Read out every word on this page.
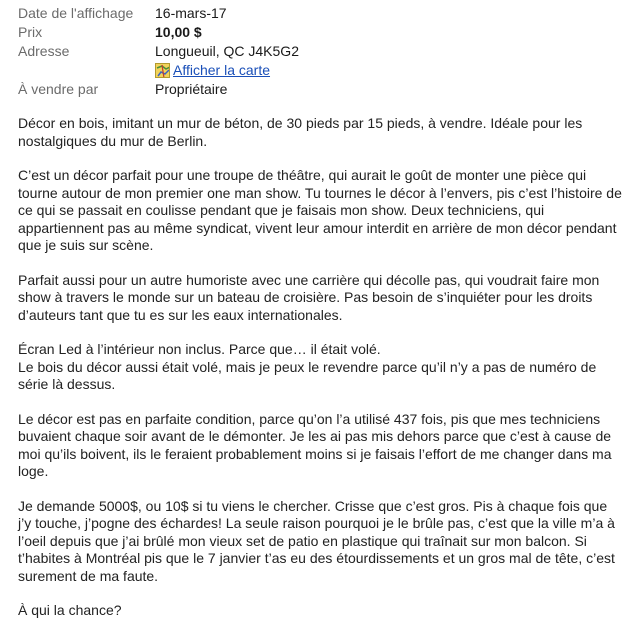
Date de l'affichage 16-mars-17
Prix	10,00 $
Adresse	Longueuil, QC J4K5G2
Afficher la carte
À vendre par	Propriétaire

Décor en bois, imitant un mur de béton, de 30 pieds par 15 pieds, à vendre. Idéale pour les nostalgiques du mur de Berlin.

C’est un décor parfait pour une troupe de théâtre, qui aurait le goût de monter une pièce qui tourne autour de mon premier one man show. Tu tournes le décor à l’envers, pis c’est l’histoire de ce qui se passait en coulisse pendant que je faisais mon show. Deux techniciens, qui appartiennent pas au même syndicat, vivent leur amour interdit en arrière de mon décor pendant que je suis sur scène.

Parfait aussi pour un autre humoriste avec une carrière qui décolle pas, qui voudrait faire mon show à travers le monde sur un bateau de croisière. Pas besoin de s’inquiéter pour les droits d’auteurs tant que tu es sur les eaux internationales.

Écran Led à l’intérieur non inclus. Parce que… il était volé.
Le bois du décor aussi était volé, mais je peux le revendre parce qu’il n’y a pas de numéro de série là dessus.

Le décor est pas en parfaite condition, parce qu’on l’a utilisé 437 fois, pis que mes techniciens buvaient chaque soir avant de le démonter. Je les ai pas mis dehors parce que c’est à cause de moi qu’ils boivent, ils le feraient probablement moins si je faisais l’effort de me changer dans ma loge.

Je demande 5000$, ou 10$ si tu viens le chercher. Crisse que c’est gros. Pis à chaque fois que j’y touche, j’pogne des échardes! La seule raison pourquoi je le brûle pas, c’est que la ville m’a à l’oeil depuis que j’ai brûlé mon vieux set de patio en plastique qui traînait sur mon balcon. Si t’habites à Montréal pis que le 7 janvier t’as eu des étourdissements et un gros mal de tête, c’est surement de ma faute.

À qui la chance?
